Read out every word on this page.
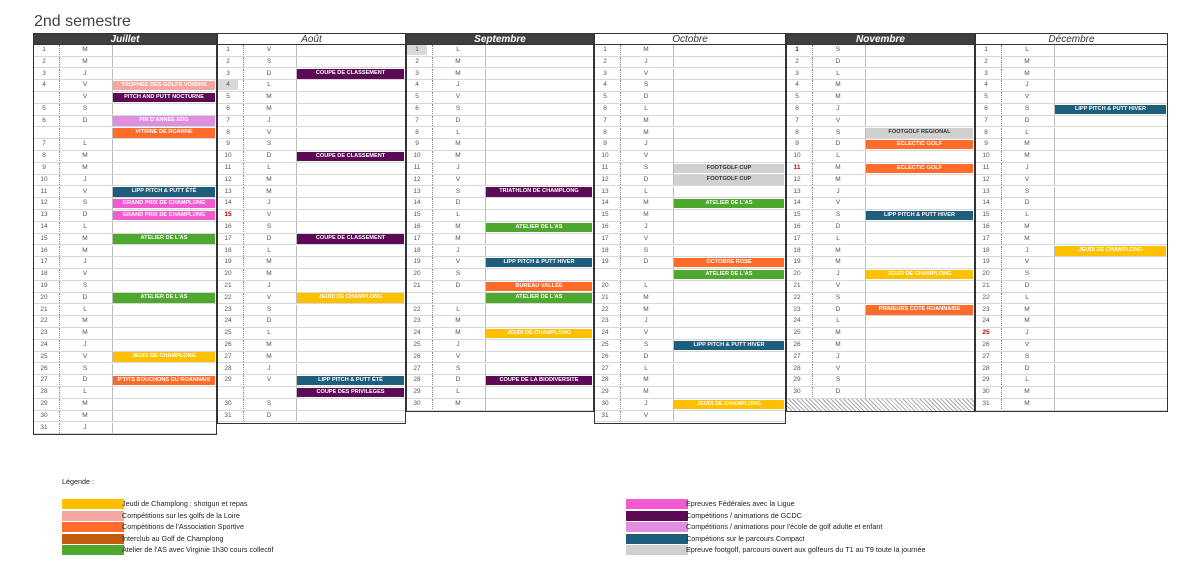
2nd semestre
Juillet
1	M
2	M
3	J
4	V	TROPHEE DES GOLFS VOISINS
V	PITCH AND PUTT NOCTURNE
5	S
6	D	FIN D'ANNEE EDG
VITRINE DE ROANNE
7	L
8	M
9	M
10	J
11	V	LIPP PITCH & PUTT ÉTÉ
12	S	GRAND PRIX DE CHAMPLONG
13	D	GRAND PRIX DE CHAMPLONG
14	L
15	M	ATELIER DE L'AS
16	M
17	J
18	V
19	S
20	D	ATELIER DE L'AS
21	L
22	M
23	M
24	J
25	V	JEUDI DE CHAMPLONG
26	S
27	D	P'TITS BOUCHONS DU ROANNAIS
28	L
29	M
30	M
31	J
Août
1	V
2	S
3	D	COUPE DE CLASSEMENT
4	L
5	M
6	M
7	J
8	V
9	S
10	D	COUPE DE CLASSEMENT
11	L
12	M
13	M
14	J
15	V
16	S
17	D	COUPE DE CLASSEMENT
18	L
19	M
20	M
21	J
22	V	JEUDI DE CHAMPLONG
23	S
24	D
25	L
26	M
27	M
28	J
29	V	LIPP PITCH & PUTT ÉTÉ
COUPE DES PRIVILEGES
30	S
31	D
Septembre
1	L
2	M
3	M
4	J
5	V
6	S
7	D
8	L
9	M
10	M
11	J
12	V
13	S	TRIATHLON DE CHAMPLONG
14	D
15	L
16	M	ATELIER DE L'AS
17	M
18	J
19	V	LIPP PITCH & PUTT HIVER
20	S
21	D	BUREAU VALLÉE
ATELIER DE L'AS
22	L
23	M
24	M	JEUDI DE CHAMPLONG
25	J
26	V
27	S
28	D	COUPE DE LA BIODIVERSITE
29	L
30	M
Octobre
1	M
2	J
3	V
4	S
5	D
6	L
7	M
8	M
9	J
10	V
11	S	FOOTGOLF CUP
12	D	FOOTGOLF CUP
13	L
14	M	ATELIER DE L'AS
15	M
16	J
17	V
18	S
19	D	OCTOBRE ROSE
ATELIER DE L'AS
20	L
21	M
22	M
23	J
24	V
25	S	LIPP PITCH & PUTT HIVER
26	D
27	L
28	M
29	M
30	J	JEUDI DE CHAMPLONG
31	V
Novembre
1	S
2	D
3	L
4	M
5	M
6	J
7	V
8	S	FOOTGOLF REGIONAL
9	D	ECLECTIC GOLF
10	L
11	M	ECLECTIC GOLF
12	M
13	J
14	V
15	S	LIPP PITCH & PUTT HIVER
16	D
17	L
18	M
19	M
20	J	JEUDI DE CHAMPLONG
21	V
22	S
23	D	PRIMEURS COTE ROANNAISE
24	L
25	M
26	M
27	J
28	V
29	S
30	D
Décembre
1	L
2	M
3	M
4	J
5	V
6	S	LIPP PITCH & PUTT HIVER
7	D
8	L
9	M
10	M
11	J
12	V
13	S
14	D
15	L
16	M
17	M
18	J	JEUDI DE CHAMPLONG
19	V
20	S
21	D
22	L
23	M
24	M
25	J
26	V
27	S
28	D
29	L
30	M
31	M
Légende :
Jeudi de Champlong : shotgun et repas
Compétitions sur les golfs de la Loire
Compétitions de l'Association Sportive
Interclub au Golf de Champlong
Atelier de l'AS avec Virginie 1h30 cours collectif
Epreuves Fédérales avec la Ligue
Compétitions / animations de GCDC
Compétitions / animations pour l'école de golf adulte et enfant
Compétions sur le parcours Compact
Epreuve footgolf, parcours ouvert aux golfeurs du T1 au T9 toute la journée
